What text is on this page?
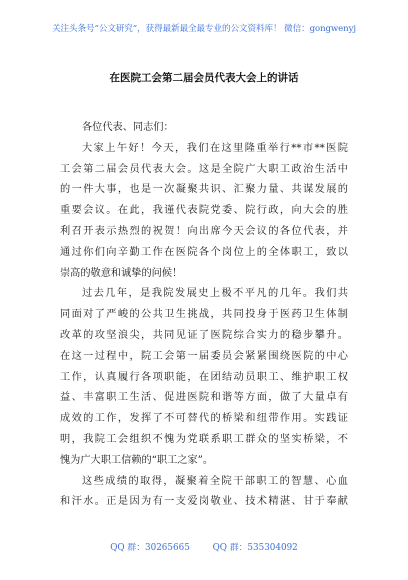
关注头条号“公文研究”，获得最新最全最专业的公文资料库！ 微信：gongwenyj
在医院工会第二届会员代表大会上的讲话
各位代表、同志们：
大家上午好！今天，我们在这里隆重举行**市**医院
工会第二届会员代表大会。这是全院广大职工政治生活中
的一件大事，也是一次凝聚共识、汇聚力量、共谋发展的
重要会议。在此，我谨代表院党委、院行政，向大会的胜
利召开表示热烈的祝贺！向出席今天会议的各位代表，并
通过你们向辛勤工作在医院各个岗位上的全体职工，致以
崇高的敬意和诚挚的问候！
过去几年，是我院发展史上极不平凡的几年。我们共
同面对了严峻的公共卫生挑战，共同投身于医药卫生体制
改革的攻坚浪尖，共同见证了医院综合实力的稳步攀升。
在这一过程中，院工会第一届委员会紧紧围绕医院的中心
工作，认真履行各项职能，在团结动员职工、维护职工权
益、丰富职工生活、促进医院和谐等方面，做了大量卓有
成效的工作，发挥了不可替代的桥梁和纽带作用。实践证
明，我院工会组织不愧为党联系职工群众的坚实桥梁，不
愧为广大职工信赖的“职工之家”。
这些成绩的取得，凝聚着全院干部职工的智慧、心血
和汗水。正是因为有一支爱岗敬业、技术精湛、甘于奉献
QQ 群：30265665	QQ 群：535304092
